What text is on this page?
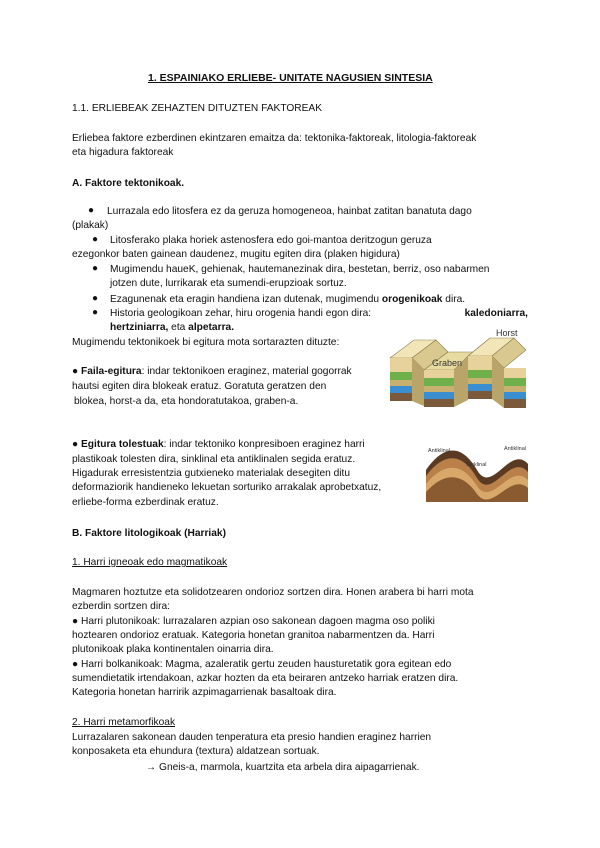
1. ESPAINIAKO ERLIEBE- UNITATE NAGUSIEN SINTESIA
1.1. ERLIEBEAK ZEHAZTEN DITUZTEN FAKTOREAK
Erliebea faktore ezberdinen ekintzaren emaitza da: tektonika-faktoreak, litologia-faktoreak
eta higadura faktoreak
A. Faktore tektonikoak.
● Lurrazala edo litosfera ez da geruza homogeneoa, hainbat zatitan banatuta dago
(plakak)
● Litosferako plaka horiek astenosfera edo goi-mantoa deritzogun geruza
ezegonkor baten gainean daudenez, mugitu egiten dira (plaken higidura)
● Mugimendu haueK, gehienak, hautemanezinak dira, bestetan, berriz, oso nabarmen
jotzen dute, lurrikarak eta sumendi-erupzioak sortuz.
● Ezagunenak eta eragin handiena izan dutenak, mugimendu orogenikoak dira.
● Historia geologikoan zehar, hiru orogenia handi egon dira:	kaledoniarra,
hertziniarra, eta alpetarra.
Mugimendu tektonikoek bi egitura mota sortarazten dituzte:
● Faila-egitura: indar tektonikoen eraginez, material gogorrak
hautsi egiten dira blokeak eratuz. Goratuta geratzen den
blokea, horst-a da, eta hondoratutakoa, graben-a.
Graben
Horst
● Egitura tolestuak: indar tektoniko konpresiboen eraginez harri
plastikoak tolesten dira, sinklinal eta antiklinalen segida eratuz.
Higadurak erresistentzia gutxieneko materialak desegiten ditu
deformaziorik handieneko lekuetan sorturiko arrakalak aprobetxatuz,
erliebe-forma ezberdinak eratuz.
Antiklinal	Antiklinal
Sinklinal
B. Faktore litologikoak (Harriak)
1. Harri igneoak edo magmatikoak
Magmaren hoztutze eta solidotzearen ondorioz sortzen dira. Honen arabera bi harri mota
ezberdin sortzen dira:
● Harri plutonikoak: lurrazalaren azpian oso sakonean dagoen magma oso poliki
hoztearen ondorioz eratuak. Kategoria honetan granitoa nabarmentzen da. Harri
plutonikoak plaka kontinentalen oinarria dira.
● Harri bolkanikoak: Magma, azaleratik gertu zeuden hausturetatik gora egitean edo
sumendietatik irtendakoan, azkar hozten da eta beiraren antzeko harriak eratzen dira.
Kategoria honetan harririk azpimagarrienak basaltoak dira.
2. Harri metamorfikoak
Lurrazalaren sakonean dauden tenperatura eta presio handien eraginez harrien
konposaketa eta ehundura (textura) aldatzean sortuak.
→ Gneis-a, marmola, kuartzita eta arbela dira aipagarrienak.
